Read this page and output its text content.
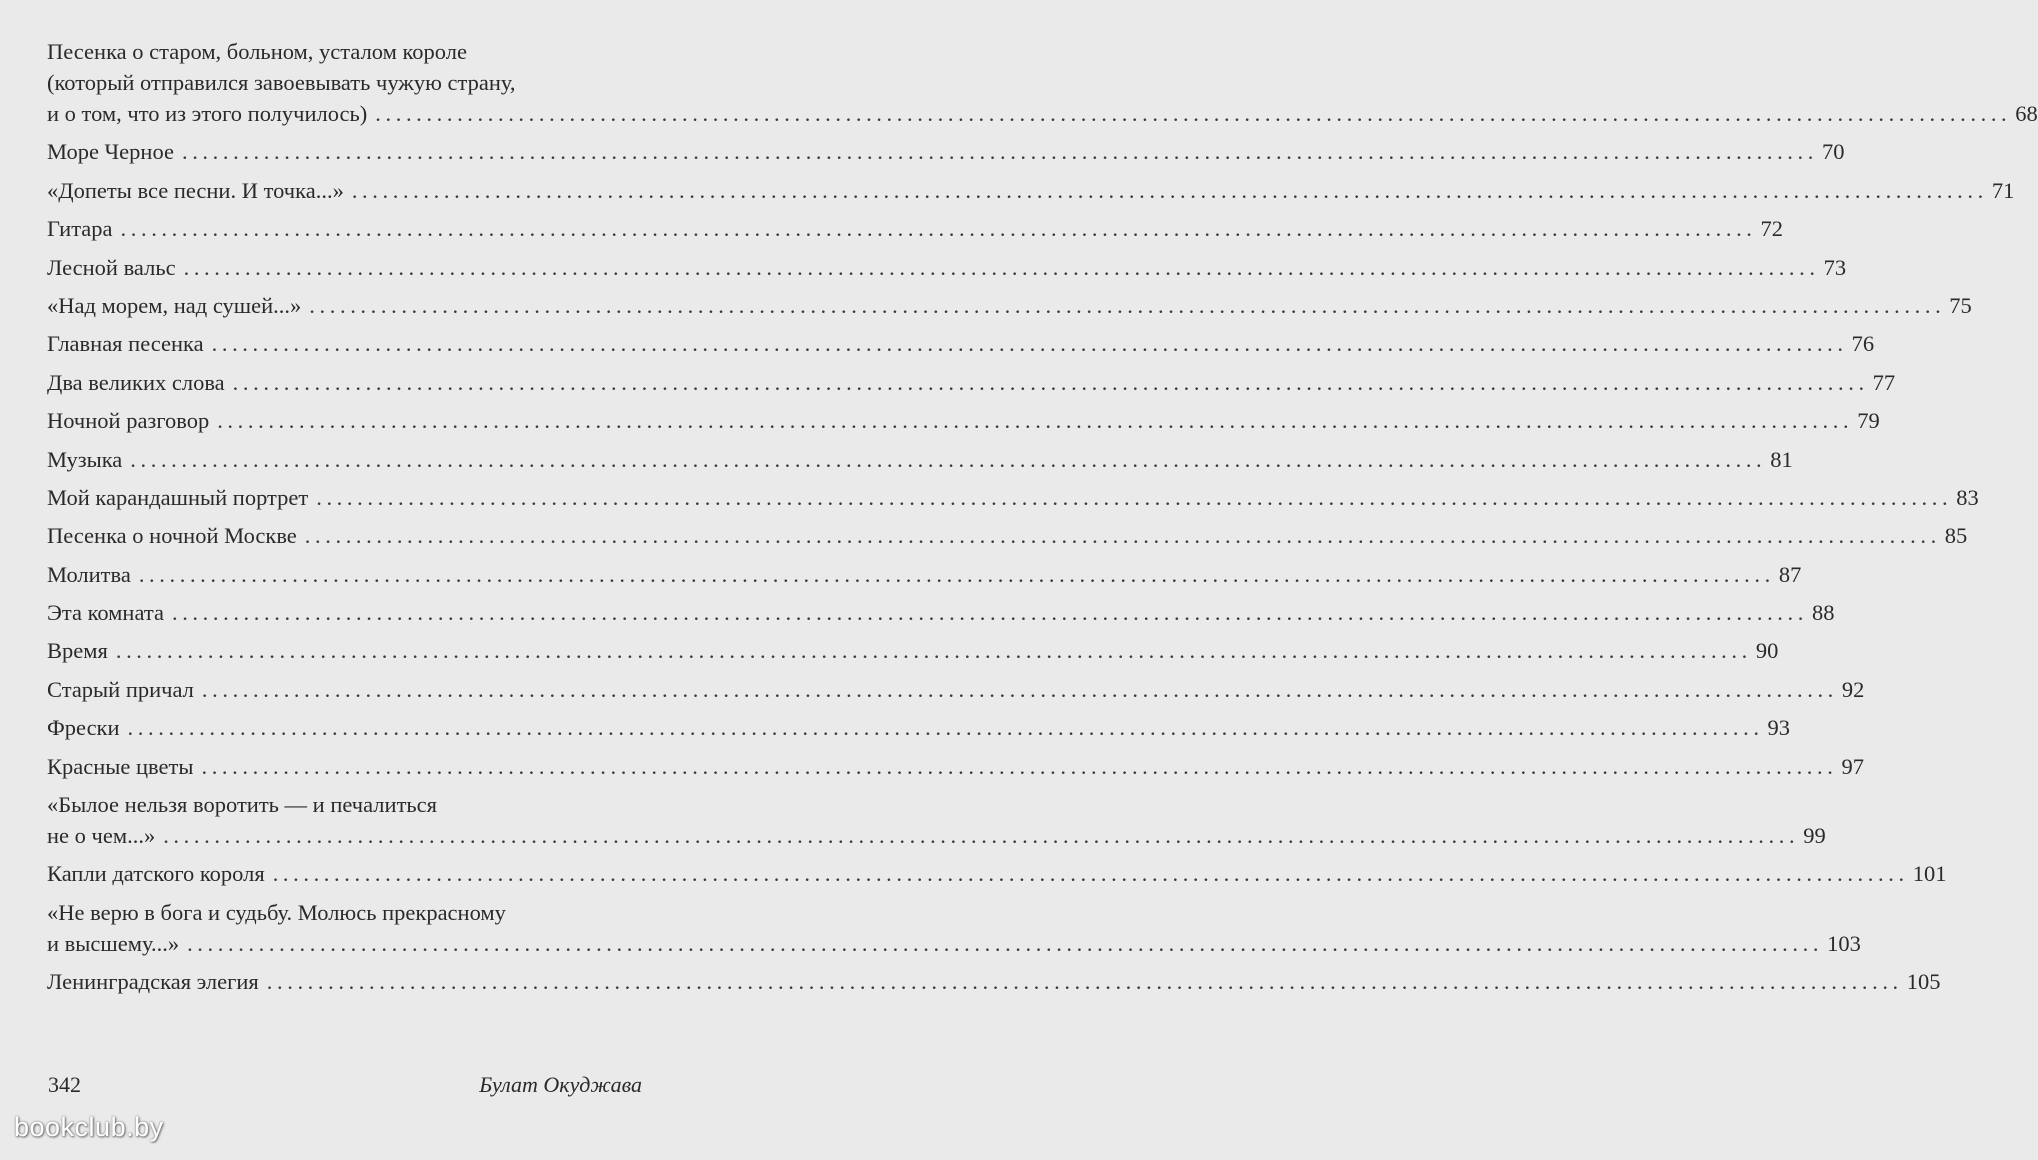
Песенка о старом, больном, усталом короле
(который отправился завоевывать чужую страну,
и о том, что из этого получилось) ................................................................................................................................................................ 68
Море Черное ................................................................................................................................................................ 70
«Допеты все песни. И точка...» ................................................................................................................................................................ 71
Гитара ................................................................................................................................................................ 72
Лесной вальс ................................................................................................................................................................ 73
«Над морем, над сушей...» ................................................................................................................................................................ 75
Главная песенка ................................................................................................................................................................ 76
Два великих слова ................................................................................................................................................................ 77
Ночной разговор ................................................................................................................................................................ 79
Музыка ................................................................................................................................................................ 81
Мой карандашный портрет ................................................................................................................................................................ 83
Песенка о ночной Москве ................................................................................................................................................................ 85
Молитва ................................................................................................................................................................ 87
Эта комната ................................................................................................................................................................ 88
Время ................................................................................................................................................................ 90
Старый причал ................................................................................................................................................................ 92
Фрески ................................................................................................................................................................ 93
Красные цветы ................................................................................................................................................................ 97
«Былое нельзя воротить — и печалиться
не о чем...» ................................................................................................................................................................ 99
Капли датского короля ................................................................................................................................................................ 101
«Не верю в бога и судьбу. Молюсь прекрасному
и высшему...» ................................................................................................................................................................ 103
Ленинградская элегия ................................................................................................................................................................ 105
342	Булат Окуджава
bookclub.by
